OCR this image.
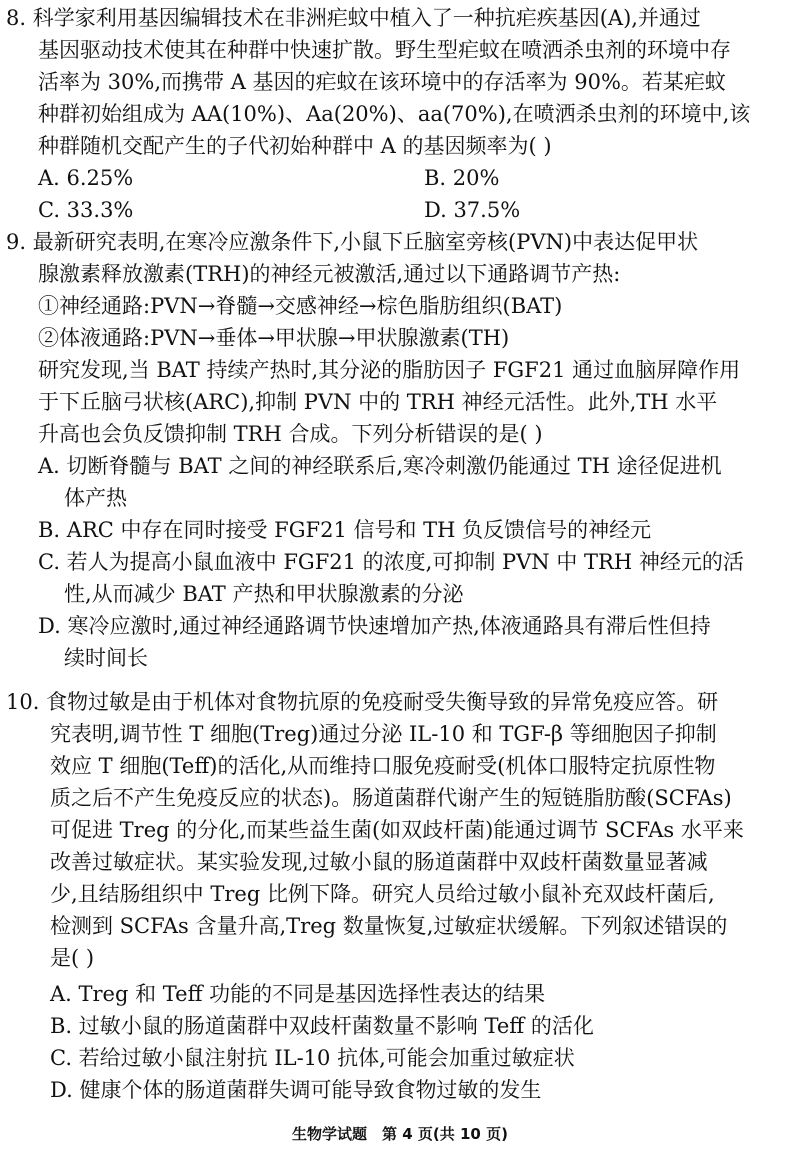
8. 科学家利用基因编辑技术在非洲疟蚊中植入了一种抗疟疾基因(A),并通过
基因驱动技术使其在种群中快速扩散。野生型疟蚊在喷洒杀虫剂的环境中存
活率为 30%,而携带 A 基因的疟蚊在该环境中的存活率为 90%。若某疟蚊
种群初始组成为 AA(10%)、Aa(20%)、aa(70%),在喷洒杀虫剂的环境中,该
种群随机交配产生的子代初始种群中 A 的基因频率为( )
A. 6.25%	B. 20%
C. 33.3%	D. 37.5%
9. 最新研究表明,在寒冷应激条件下,小鼠下丘脑室旁核(PVN)中表达促甲状
腺激素释放激素(TRH)的神经元被激活,通过以下通路调节产热:
①神经通路:PVN→脊髓→交感神经→棕色脂肪组织(BAT)
②体液通路:PVN→垂体→甲状腺→甲状腺激素(TH)
研究发现,当 BAT 持续产热时,其分泌的脂肪因子 FGF21 通过血脑屏障作用
于下丘脑弓状核(ARC),抑制 PVN 中的 TRH 神经元活性。此外,TH 水平
升高也会负反馈抑制 TRH 合成。下列分析错误的是( )
A. 切断脊髓与 BAT 之间的神经联系后,寒冷刺激仍能通过 TH 途径促进机
体产热
B. ARC 中存在同时接受 FGF21 信号和 TH 负反馈信号的神经元
C. 若人为提高小鼠血液中 FGF21 的浓度,可抑制 PVN 中 TRH 神经元的活
性,从而减少 BAT 产热和甲状腺激素的分泌
D. 寒冷应激时,通过神经通路调节快速增加产热,体液通路具有滞后性但持
续时间长
10. 食物过敏是由于机体对食物抗原的免疫耐受失衡导致的异常免疫应答。研
究表明,调节性 T 细胞(Treg)通过分泌 IL-10 和 TGF-β 等细胞因子抑制
效应 T 细胞(Teff)的活化,从而维持口服免疫耐受(机体口服特定抗原性物
质之后不产生免疫反应的状态)。肠道菌群代谢产生的短链脂肪酸(SCFAs)
可促进 Treg 的分化,而某些益生菌(如双歧杆菌)能通过调节 SCFAs 水平来
改善过敏症状。某实验发现,过敏小鼠的肠道菌群中双歧杆菌数量显著减
少,且结肠组织中 Treg 比例下降。研究人员给过敏小鼠补充双歧杆菌后,
检测到 SCFAs 含量升高,Treg 数量恢复,过敏症状缓解。下列叙述错误的
是( )
A. Treg 和 Teff 功能的不同是基因选择性表达的结果
B. 过敏小鼠的肠道菌群中双歧杆菌数量不影响 Teff 的活化
C. 若给过敏小鼠注射抗 IL-10 抗体,可能会加重过敏症状
D. 健康个体的肠道菌群失调可能导致食物过敏的发生
生物学试题　第 4 页(共 10 页)
